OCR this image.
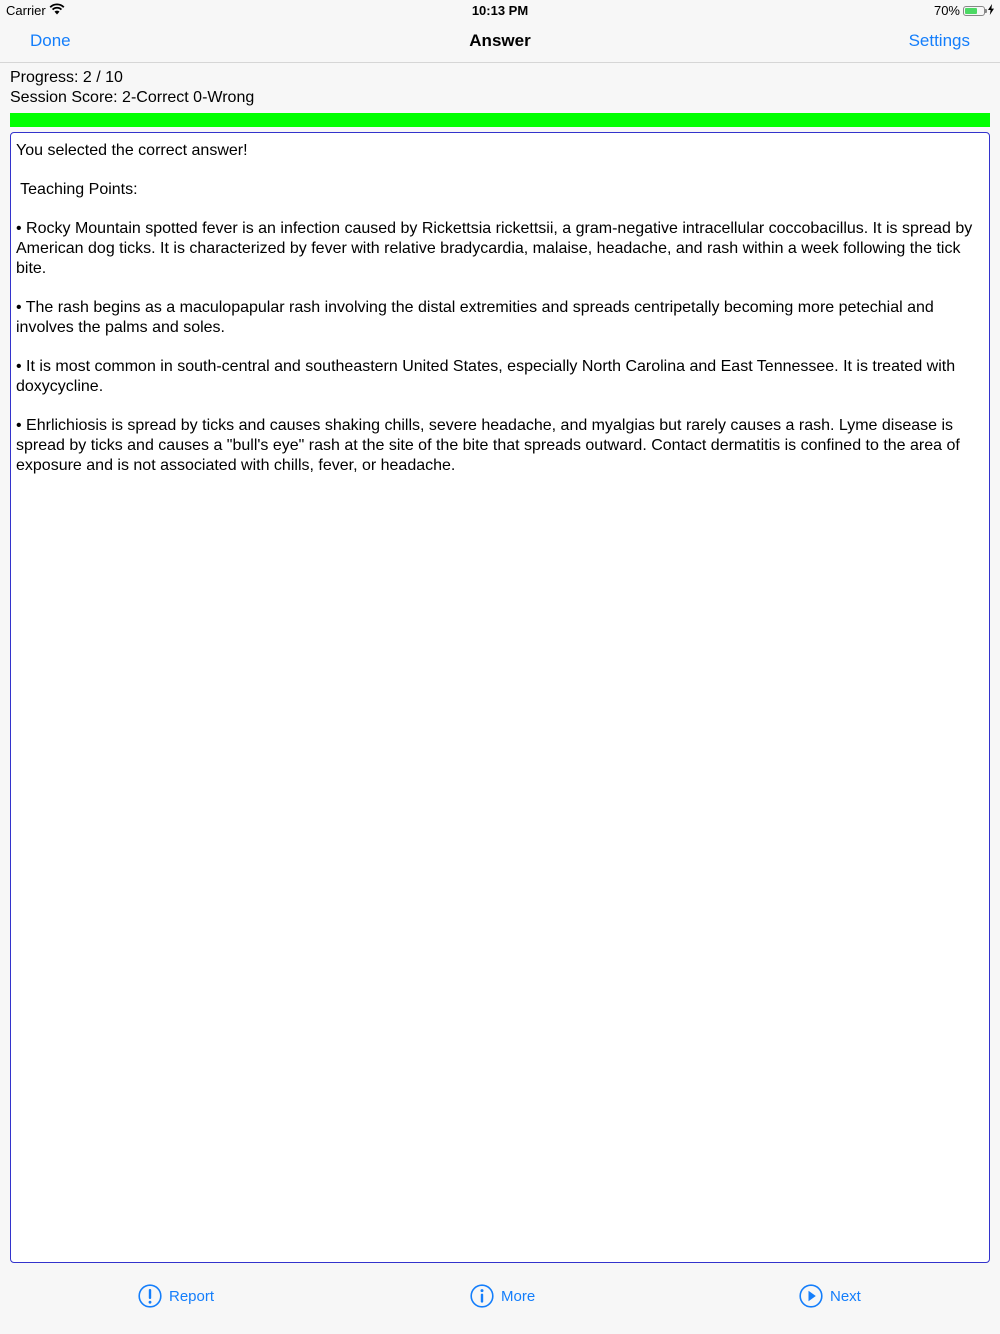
Carrier	10:13 PM	70%
Done	Answer	Settings
Progress: 2 / 10
Session Score: 2-Correct 0-Wrong

You selected the correct answer!

Teaching Points:

• Rocky Mountain spotted fever is an infection caused by Rickettsia rickettsii, a gram-negative intracellular coccobacillus. It is spread by American dog ticks. It is characterized by fever with relative bradycardia, malaise, headache, and rash within a week following the tick bite.

• The rash begins as a maculopapular rash involving the distal extremities and spreads centripetally becoming more petechial and involves the palms and soles.

• It is most common in south-central and southeastern United States, especially North Carolina and East Tennessee. It is treated with doxycycline.

• Ehrlichiosis is spread by ticks and causes shaking chills, severe headache, and myalgias but rarely causes a rash. Lyme disease is spread by ticks and causes a "bull's eye" rash at the site of the bite that spreads outward. Contact dermatitis is confined to the area of exposure and is not associated with chills, fever, or headache.

Report	More	Next
